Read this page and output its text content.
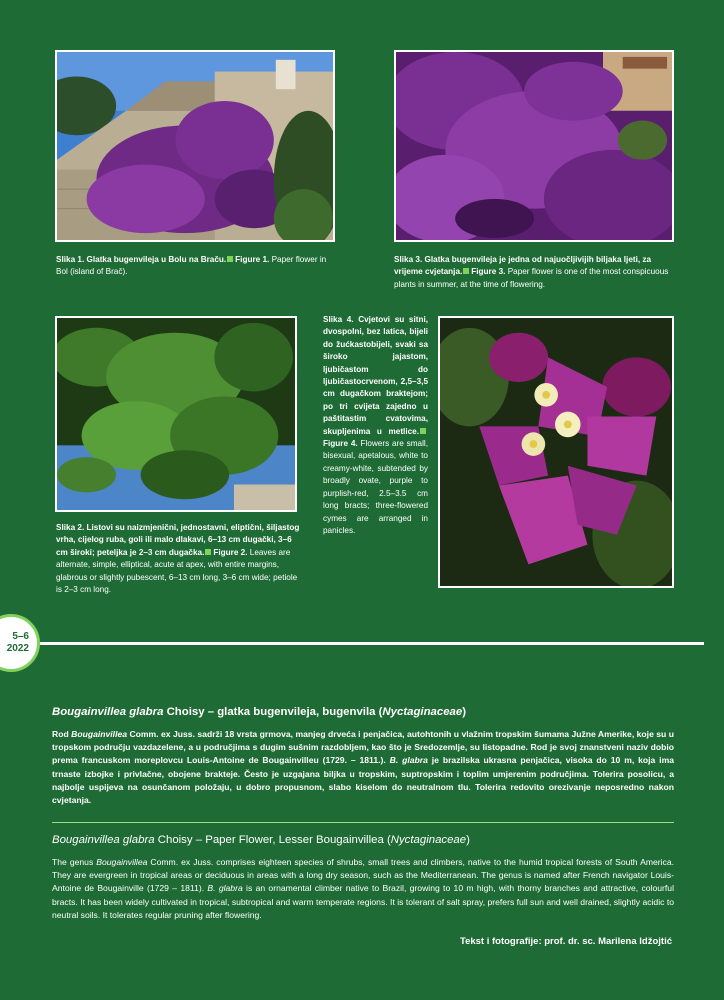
Slika 1. Glatka bugenvileja u Bolu na Braču. Figure 1. Paper flower in Bol (island of Brač).
Slika 3. Glatka bugenvileja je jedna od najuočljivijih biljaka ljeti, za vrijeme cvjetanja. Figure 3. Paper flower is one of the most conspicuous plants in summer, at the time of flowering.
Slika 4. Cvjetovi su sitni, dvospolni, bez latica, bijeli do žućkastobijeli, svaki sa široko jajastom, ljubičastom do ljubičastocrvenom, 2,5–3,5 cm dugačkom braktejom; po tri cvijeta zajedno u paštitastim cvatovima, skupljenima u metlice.Figure 4. Flowers are small, bisexual, apetalous, white to creamy-white, subtended by broadly ovate, purple to purplish-red, 2.5–3.5 cm long bracts; three-flowered cymes are arranged in panicles.
Slika 2. Listovi su naizmjenični, jednostavni, eliptični, šiljastog vrha, cijelog ruba, goli ili malo dlakavi, 6–13 cm dugački, 3–6 cm široki; peteljka je 2–3 cm dugačka. Figure 2. Leaves are alternate, simple, elliptical, acute at apex, with entire margins, glabrous or slightly pubescent, 6–13 cm long, 3–6 cm wide; petiole is 2–3 cm long.
5–6
2022
Bougainvillea glabra Choisy – glatka bugenvileja, bugenvila (Nyctaginaceae)
Rod Bougainvillea Comm. ex Juss. sadrži 18 vrsta grmova, manjeg drveća i penjačica, autohtonih u vlažnim tropskim šumama Južne Amerike, koje su u tropskom području vazdazelene, a u područjima s dugim sušnim razdobljem, kao što je Sredozemlje, su listopadne. Rod je svoj znanstveni naziv dobio prema francuskom moreplovcu Louis-Antoine de Bougainvilleu (1729. – 1811.). B. glabra je brazilska ukrasna penjačica, visoka do 10 m, koja ima trnaste izbojke i privlačne, obojene brakteje. Često je uzgajana biljka u tropskim, suptropskim i toplim umjerenim područjima. Tolerira posolicu, a najbolje uspijeva na osunčanom položaju, u dobro propusnom, slabo kiselom do neutralnom tlu. Tolerira redovito orezivanje neposredno nakon cvjetanja.
Bougainvillea glabra Choisy – Paper Flower, Lesser Bougainvillea (Nyctaginaceae)
The genus Bougainvillea Comm. ex Juss. comprises eighteen species of shrubs, small trees and climbers, native to the humid tropical forests of South America. They are evergreen in tropical areas or deciduous in areas with a long dry season, such as the Mediterranean. The genus is named after French navigator Louis-Antoine de Bougainville (1729 – 1811). B. glabra is an ornamental climber native to Brazil, growing to 10 m high, with thorny branches and attractive, colourful bracts. It has been widely cultivated in tropical, subtropical and warm temperate regions. It is tolerant of salt spray, prefers full sun and well drained, slightly acidic to neutral soils. It tolerates regular pruning after flowering.
Tekst i fotografije: prof. dr. sc. Marilena Idžojtić
